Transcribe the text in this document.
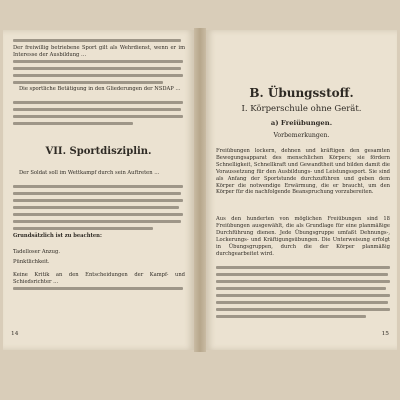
Der freiwillig betriebene Sport gilt als Wehrdienst, wenn er im Interesse der Ausbildung …
Die sportliche Betätigung in den Gliederungen der NSDAP …
VII. Sportdisziplin.
Der Soldat soll im Wettkampf durch sein Auftreten …
Grundsätzlich ist zu beachten:
Tadelloser Anzug.
Pünktlichkeit.
Keine Kritik an den Entscheidungen der Kampf- und Schiedsrichter …
14
B. Übungsstoff.
I. Körperschule ohne Gerät.
a) Freiübungen.
Vorbemerkungen.
Freiübungen lockern, dehnen und kräftigen den gesamten Bewegungsapparat des menschlichen Körpers; sie fördern Schnelligkeit, Schnellkraft und Gewandtheit und bilden damit die Voraussetzung für den Ausbildungs- und Leistungssport. Sie sind als Anfang der Sportstunde durchzuführen und geben dem Körper die notwendige Erwärmung, die er braucht, um den Körper für die nachfolgende Beanspruchung vorzubereiten.
Aus den hunderten von möglichen Freiübungen sind 18 Freiübungen ausgewählt, die als Grundlage für eine planmäßige Durchführung dienen. Jede Übungsgruppe umfaßt Dehnungs-, Lockerungs- und Kräftigungsübungen. Die Unterweisung erfolgt in Übungsgruppen, durch die der Körper planmäßig durchgearbeitet wird.
15
